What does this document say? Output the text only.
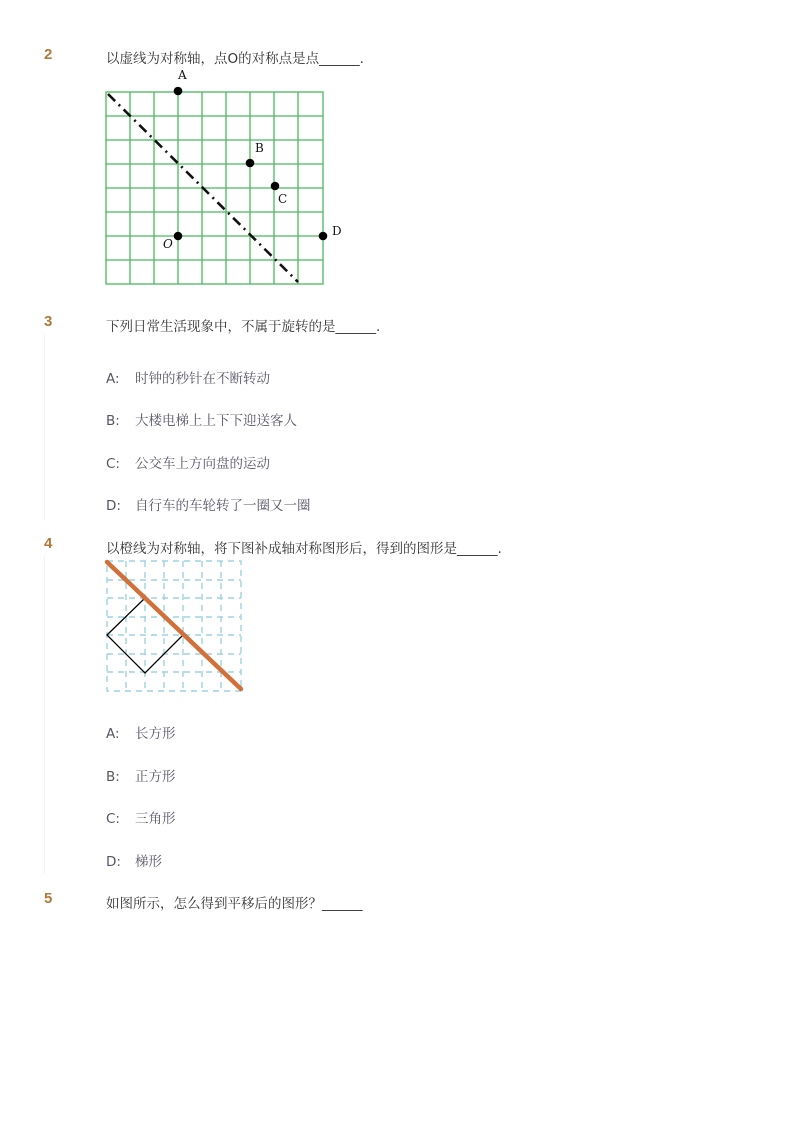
2	以虚线为对称轴，点O的对称点是点______.
A
B
C
D
O
3	下列日常生活现象中，不属于旋转的是______.
A: 时钟的秒针在不断转动
B: 大楼电梯上上下下迎送客人
C: 公交车上方向盘的运动
D: 自行车的车轮转了一圈又一圈
4	以橙线为对称轴，将下图补成轴对称图形后，得到的图形是______.
A: 长方形
B: 正方形
C: 三角形
D: 梯形
5	如图所示，怎么得到平移后的图形？______
